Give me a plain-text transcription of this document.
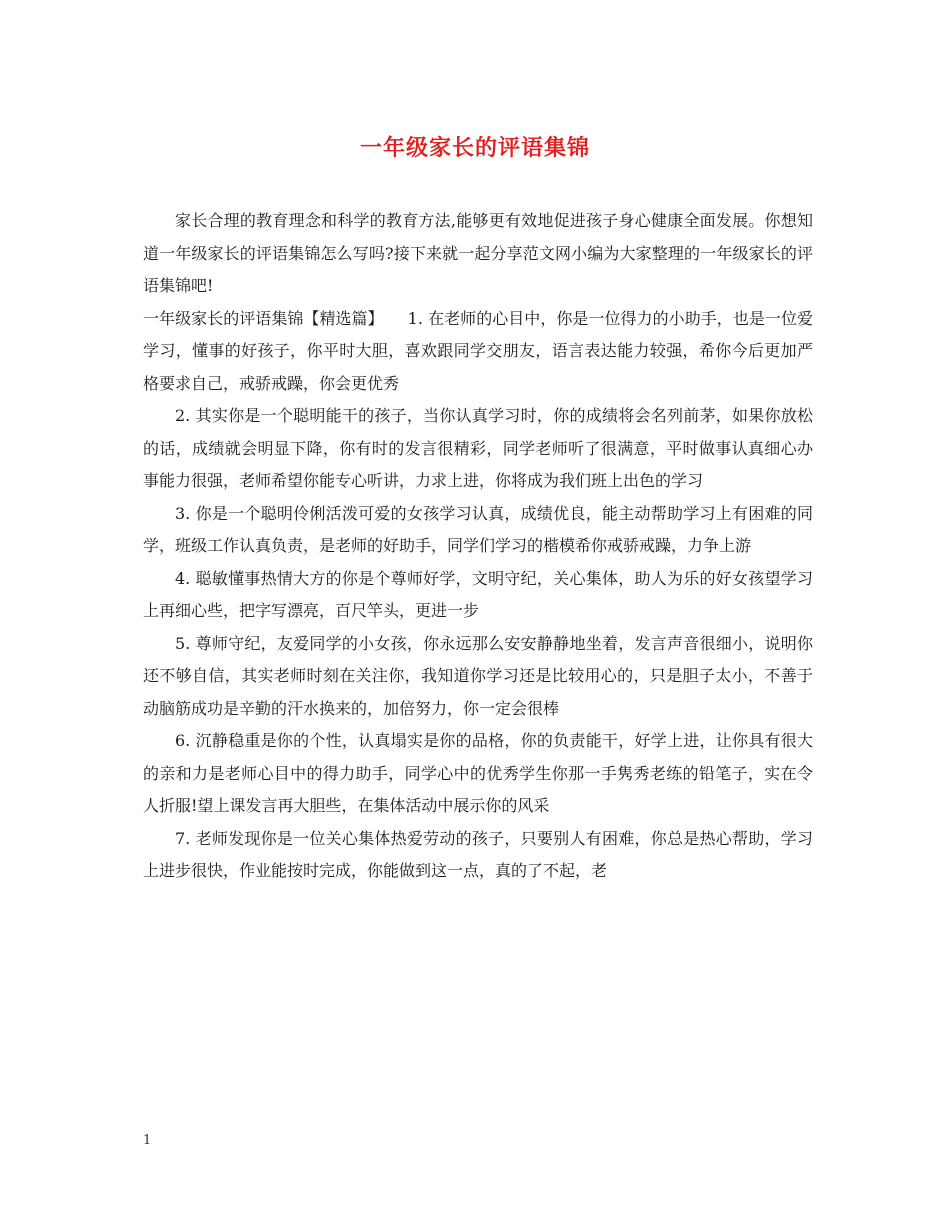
一年级家长的评语集锦

家长合理的教育理念和科学的教育方法,能够更有效地促进孩子身心健康全面发展。你想知道一年级家长的评语集锦怎么写吗?接下来就一起分享范文网小编为大家整理的一年级家长的评语集锦吧!

一年级家长的评语集锦【精选篇】　　1. 在老师的心目中，你是一位得力的小助手，也是一位爱学习，懂事的好孩子，你平时大胆，喜欢跟同学交朋友，语言表达能力较强，希你今后更加严格要求自己，戒骄戒躁，你会更优秀

2. 其实你是一个聪明能干的孩子，当你认真学习时，你的成绩将会名列前茅，如果你放松的话，成绩就会明显下降，你有时的发言很精彩，同学老师听了很满意，平时做事认真细心办事能力很强，老师希望你能专心听讲，力求上进，你将成为我们班上出色的学习

3. 你是一个聪明伶俐活泼可爱的女孩学习认真，成绩优良，能主动帮助学习上有困难的同学，班级工作认真负责，是老师的好助手，同学们学习的楷模希你戒骄戒躁，力争上游

4. 聪敏懂事热情大方的你是个尊师好学，文明守纪，关心集体，助人为乐的好女孩望学习上再细心些，把字写漂亮，百尺竿头，更进一步

5. 尊师守纪，友爱同学的小女孩，你永远那么安安静静地坐着，发言声音很细小，说明你还不够自信，其实老师时刻在关注你，我知道你学习还是比较用心的，只是胆子太小，不善于动脑筋成功是辛勤的汗水换来的，加倍努力，你一定会很棒

6. 沉静稳重是你的个性，认真塌实是你的品格，你的负责能干，好学上进，让你具有很大的亲和力是老师心目中的得力助手，同学心中的优秀学生你那一手隽秀老练的铅笔子，实在令人折服!望上课发言再大胆些，在集体活动中展示你的风采

7. 老师发现你是一位关心集体热爱劳动的孩子，只要别人有困难，你总是热心帮助，学习上进步很快，作业能按时完成，你能做到这一点，真的了不起，老

1
